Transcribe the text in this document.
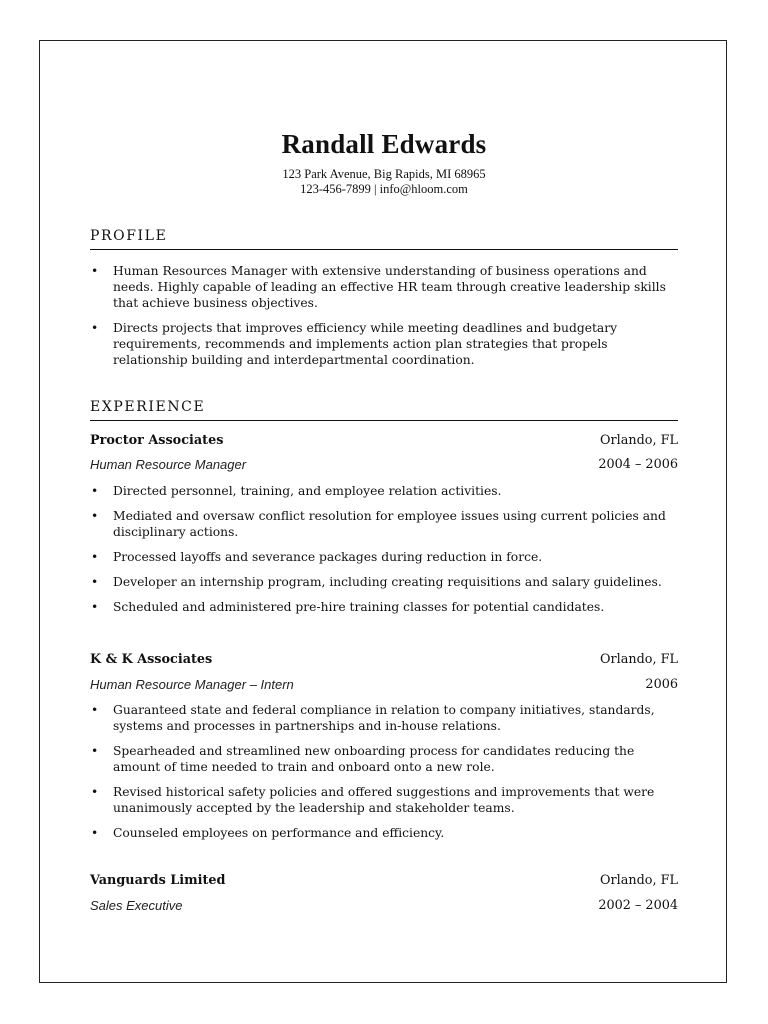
Randall Edwards
123 Park Avenue, Big Rapids, MI 68965
123-456-7899 | info@hloom.com
PROFILE
• Human Resources Manager with extensive understanding of business operations and needs. Highly capable of leading an effective HR team through creative leadership skills that achieve business objectives.
• Directs projects that improves efficiency while meeting deadlines and budgetary requirements, recommends and implements action plan strategies that propels relationship building and interdepartmental coordination.
EXPERIENCE
Proctor Associates	Orlando, FL
Human Resource Manager	2004 – 2006
• Directed personnel, training, and employee relation activities.
• Mediated and oversaw conflict resolution for employee issues using current policies and disciplinary actions.
• Processed layoffs and severance packages during reduction in force.
• Developer an internship program, including creating requisitions and salary guidelines.
• Scheduled and administered pre-hire training classes for potential candidates.
K & K Associates	Orlando, FL
Human Resource Manager – Intern	2006
• Guaranteed state and federal compliance in relation to company initiatives, standards, systems and processes in partnerships and in-house relations.
• Spearheaded and streamlined new onboarding process for candidates reducing the amount of time needed to train and onboard onto a new role.
• Revised historical safety policies and offered suggestions and improvements that were unanimously accepted by the leadership and stakeholder teams.
• Counseled employees on performance and efficiency.
Vanguards Limited	Orlando, FL
Sales Executive	2002 – 2004
